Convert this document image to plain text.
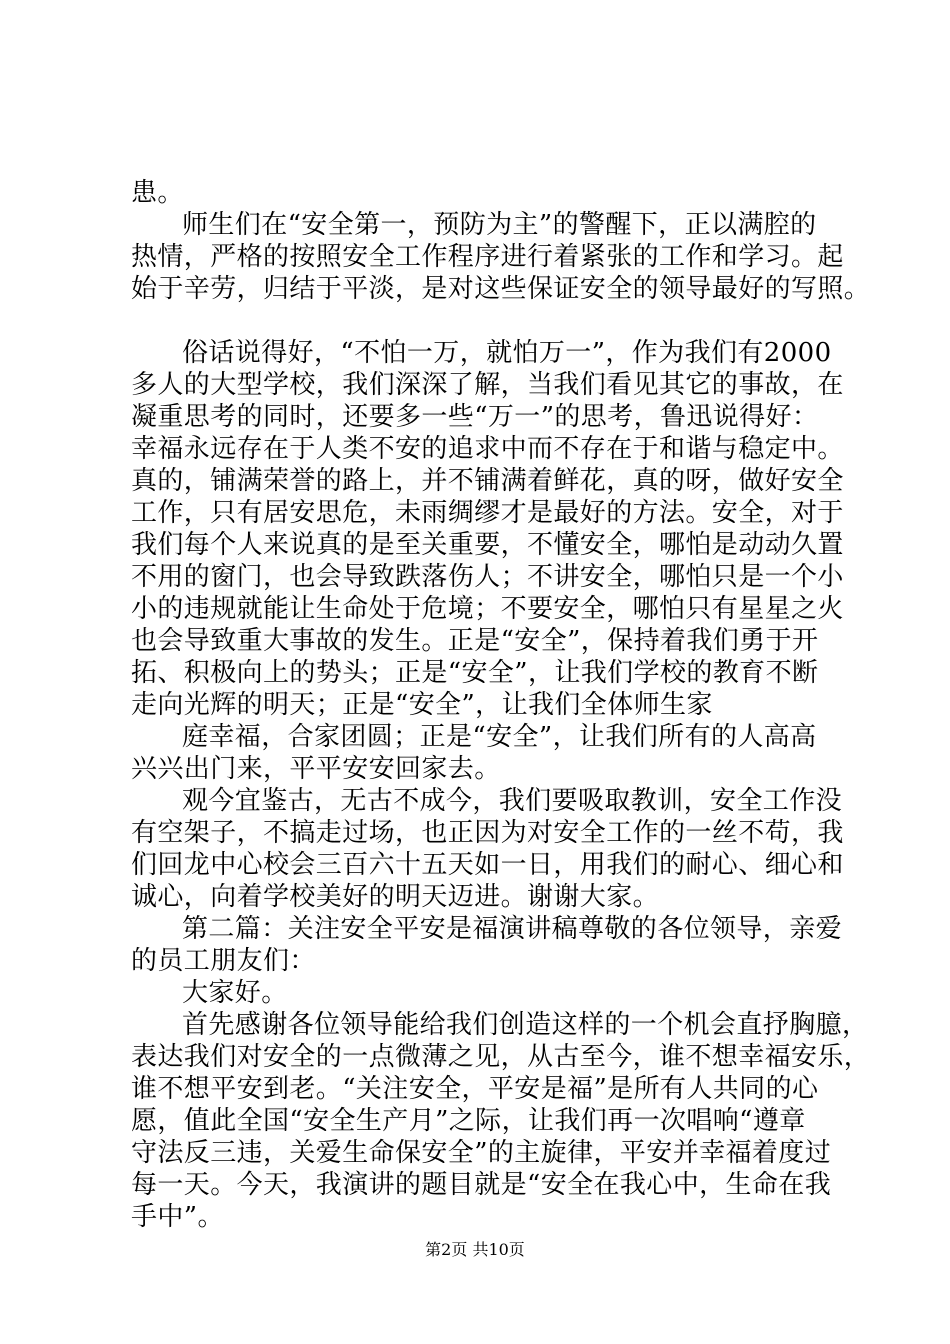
患。
师生们在“安全第一，预防为主”的警醒下，正以满腔的
热情，严格的按照安全工作程序进行着紧张的工作和学习。起
始于辛劳，归结于平淡，是对这些保证安全的领导最好的写照。
俗话说得好，“不怕一万，就怕万一”，作为我们有2000
多人的大型学校，我们深深了解，当我们看见其它的事故，在
凝重思考的同时，还要多一些“万一”的思考，鲁迅说得好：
幸福永远存在于人类不安的追求中而不存在于和谐与稳定中。
真的，铺满荣誉的路上，并不铺满着鲜花，真的呀，做好安全
工作，只有居安思危，未雨绸缪才是最好的方法。安全，对于
我们每个人来说真的是至关重要，不懂安全，哪怕是动动久置
不用的窗门，也会导致跌落伤人；不讲安全，哪怕只是一个小
小的违规就能让生命处于危境；不要安全，哪怕只有星星之火
也会导致重大事故的发生。正是“安全”，保持着我们勇于开
拓、积极向上的势头；正是“安全”，让我们学校的教育不断
走向光辉的明天；正是“安全”，让我们全体师生家
庭幸福，合家团圆；正是“安全”，让我们所有的人高高
兴兴出门来，平平安安回家去。
观今宜鉴古，无古不成今，我们要吸取教训，安全工作没
有空架子，不搞走过场，也正因为对安全工作的一丝不苟，我
们回龙中心校会三百六十五天如一日，用我们的耐心、细心和
诚心，向着学校美好的明天迈进。谢谢大家。
第二篇：关注安全平安是福演讲稿尊敬的各位领导，亲爱
的员工朋友们：
大家好。
首先感谢各位领导能给我们创造这样的一个机会直抒胸臆，
表达我们对安全的一点微薄之见，从古至今，谁不想幸福安乐，
谁不想平安到老。“关注安全，平安是福”是所有人共同的心
愿，值此全国“安全生产月”之际，让我们再一次唱响“遵章
守法反三违，关爱生命保安全”的主旋律，平安并幸福着度过
每一天。今天，我演讲的题目就是“安全在我心中，生命在我
手中”。
第2页 共10页
